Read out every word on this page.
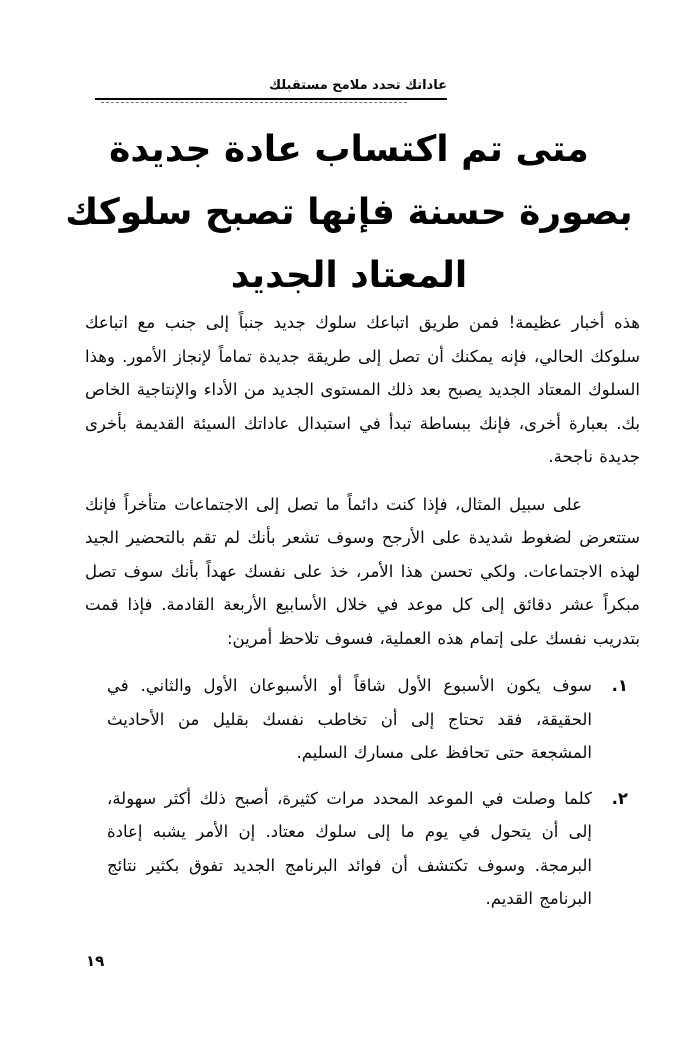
عاداتك تحدد ملامح مستقبلك
متى تم اكتساب عادة جديدة
بصورة حسنة فإنها تصبح سلوكك
المعتاد الجديد

هذه أخبار عظيمة! فمن طريق اتباعك سلوك جديد جنباً إلى جنب مع اتباعك سلوكك الحالي، فإنه يمكنك أن تصل إلى طريقة جديدة تماماً لإنجاز الأمور. وهذا السلوك المعتاد الجديد يصبح بعد ذلك المستوى الجديد من الأداء والإنتاجية الخاص بك. بعبارة أخرى، فإنك ببساطة تبدأ في استبدال عاداتك السيئة القديمة بأخرى جديدة ناجحة.

على سبيل المثال، فإذا كنت دائماً ما تصل إلى الاجتماعات متأخراً فإنك ستتعرض لضغوط شديدة على الأرجح وسوف تشعر بأنك لم تقم بالتحضير الجيد لهذه الاجتماعات. ولكي تحسن هذا الأمر، خذ على نفسك عهداً بأنك سوف تصل مبكراً عشر دقائق إلى كل موعد في خلال الأسابيع الأربعة القادمة. فإذا قمت بتدريب نفسك على إتمام هذه العملية، فسوف تلاحظ أمرين:

١.
سوف يكون الأسبوع الأول شاقاً أو الأسبوعان الأول والثاني. في الحقيقة، فقد تحتاج إلى أن تخاطب نفسك بقليل من الأحاديث المشجعة حتى تحافظ على مسارك السليم.
٢.
كلما وصلت في الموعد المحدد مرات كثيرة، أصبح ذلك أكثر سهولة، إلى أن يتحول في يوم ما إلى سلوك معتاد. إن الأمر يشبه إعادة البرمجة. وسوف تكتشف أن فوائد البرنامج الجديد تفوق بكثير نتائج البرنامج القديم.
١٩
